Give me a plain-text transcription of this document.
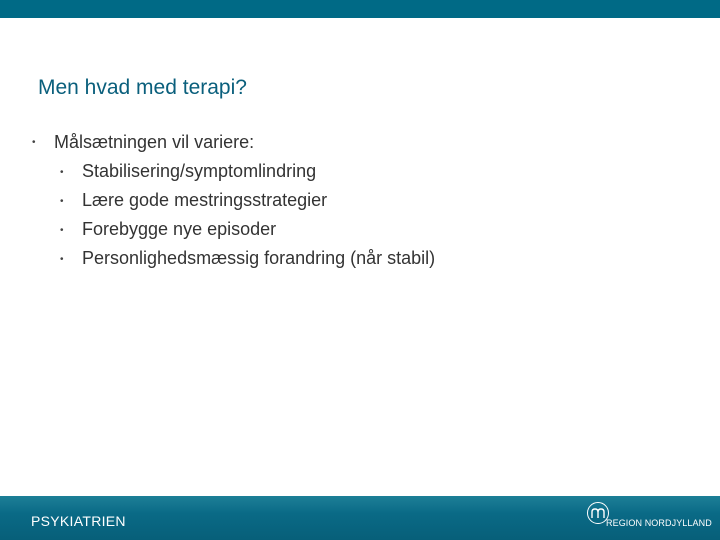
Men hvad med terapi?
• Målsætningen vil variere:
• Stabilisering/symptomlindring
• Lære gode mestringsstrategier
• Forebygge nye episoder
• Personlighedsmæssig forandring (når stabil)
PSYKIATRIEN	REGION NORDJYLLAND
